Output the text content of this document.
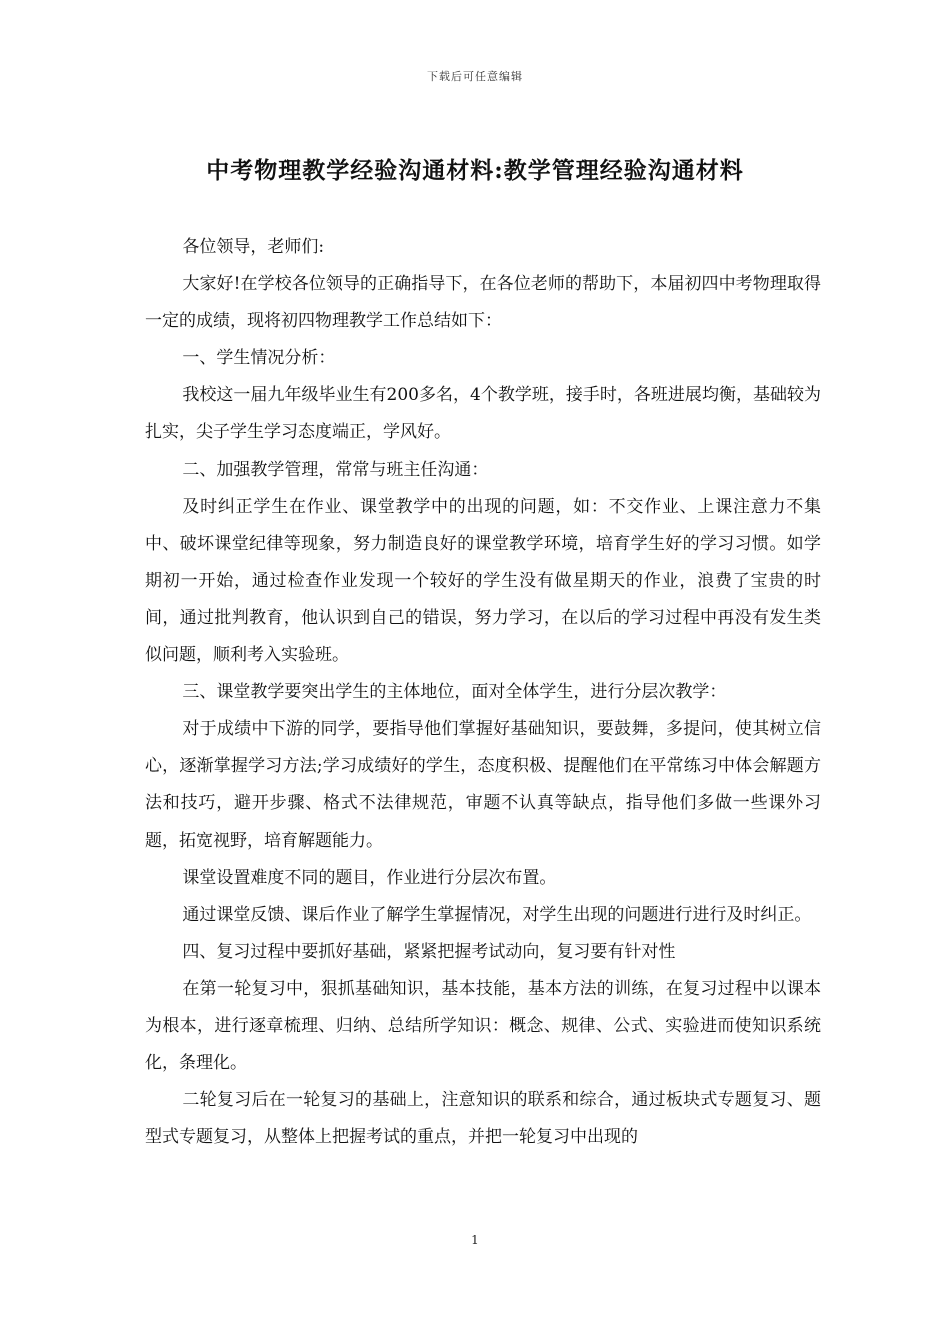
下载后可任意编辑
中考物理教学经验沟通材料:教学管理经验沟通材料

各位领导，老师们:

大家好!在学校各位领导的正确指导下，在各位老师的帮助下，本届初四中考物理取得一定的成绩，现将初四物理教学工作总结如下：

一、学生情况分析：

我校这一届九年级毕业生有200多名，4个教学班，接手时，各班进展均衡，基础较为扎实，尖子学生学习态度端正，学风好。

二、加强教学管理，常常与班主任沟通：

及时纠正学生在作业、课堂教学中的出现的问题，如：不交作业、上课注意力不集中、破坏课堂纪律等现象，努力制造良好的课堂教学环境，培育学生好的学习习惯。如学期初一开始，通过检查作业发现一个较好的学生没有做星期天的作业，浪费了宝贵的时间，通过批判教育，他认识到自己的错误，努力学习，在以后的学习过程中再没有发生类似问题，顺利考入实验班。

三、课堂教学要突出学生的主体地位，面对全体学生，进行分层次教学：

对于成绩中下游的同学，要指导他们掌握好基础知识，要鼓舞，多提问，使其树立信心，逐渐掌握学习方法;学习成绩好的学生，态度积极、提醒他们在平常练习中体会解题方法和技巧，避开步骤、格式不法律规范，审题不认真等缺点，指导他们多做一些课外习题，拓宽视野，培育解题能力。

课堂设置难度不同的题目，作业进行分层次布置。

通过课堂反馈、课后作业了解学生掌握情况，对学生出现的问题进行进行及时纠正。

四、复习过程中要抓好基础，紧紧把握考试动向，复习要有针对性

在第一轮复习中，狠抓基础知识，基本技能，基本方法的训练，在复习过程中以课本为根本，进行逐章梳理、归纳、总结所学知识：概念、规律、公式、实验进而使知识系统化，条理化。

二轮复习后在一轮复习的基础上，注意知识的联系和综合，通过板块式专题复习、题型式专题复习，从整体上把握考试的重点，并把一轮复习中出现的

1
